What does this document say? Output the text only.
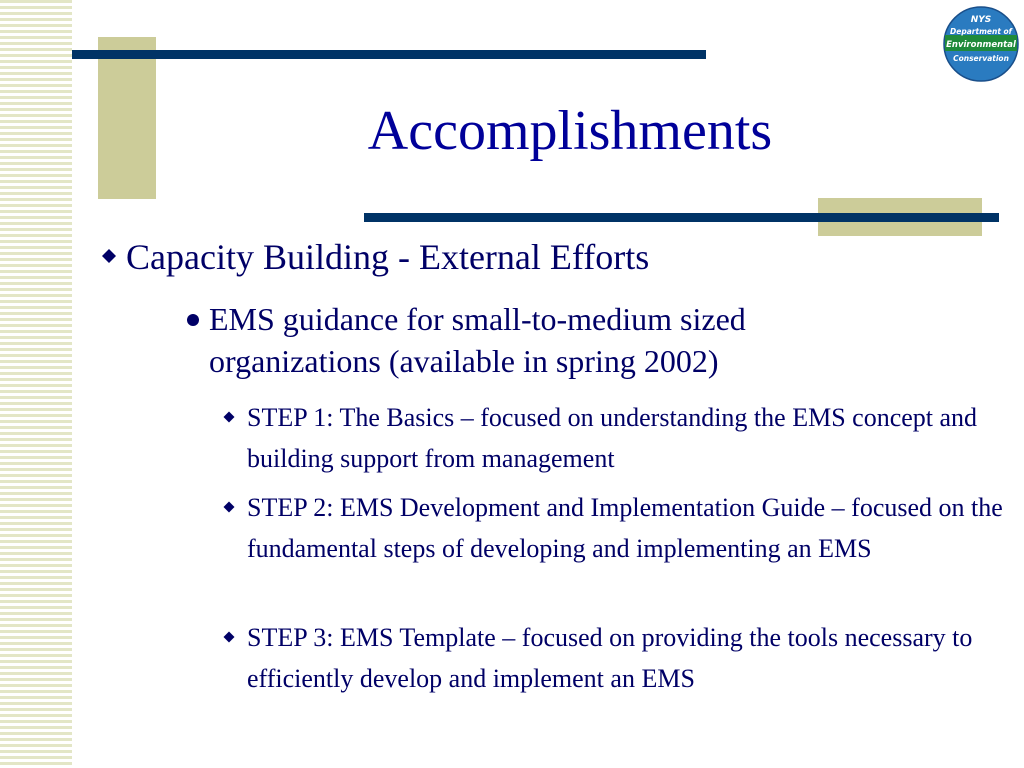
Accomplishments
NYS
Department of
Environmental
Conservation

Capacity Building - External Efforts

EMS guidance for small-to-medium sized organizations (available in spring 2002)

STEP 1: The Basics – focused on understanding the EMS concept and building support from management

STEP 2: EMS Development and Implementation Guide – focused on the fundamental steps of developing and implementing an EMS

STEP 3: EMS Template – focused on providing the tools necessary to efficiently develop and implement an EMS
